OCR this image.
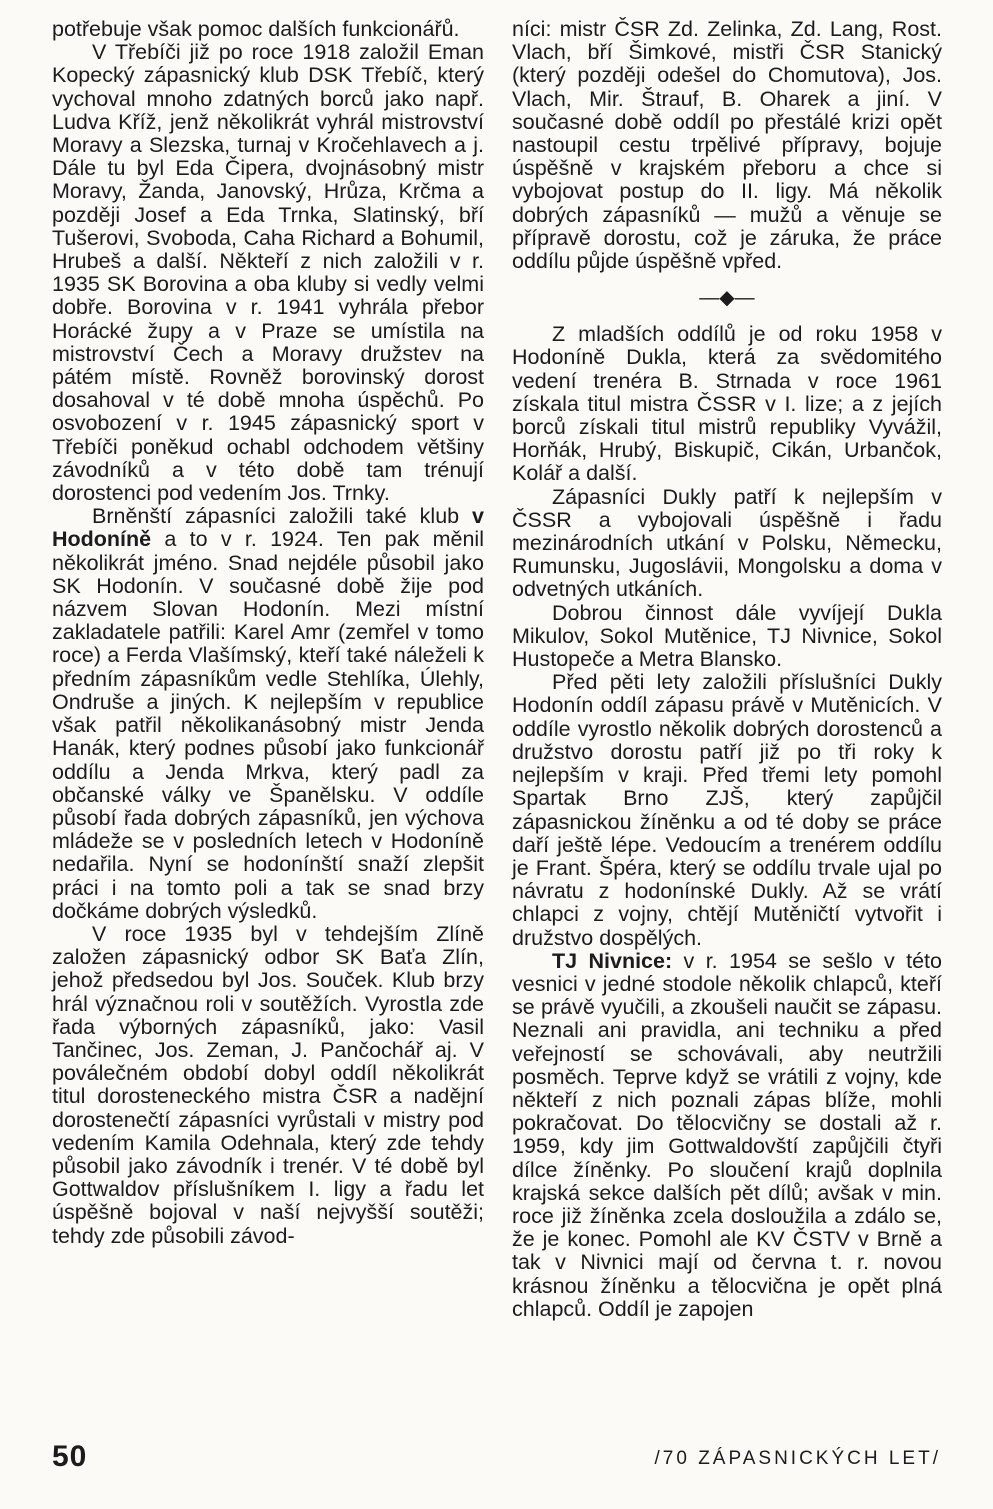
potřebuje však pomoc dalších funkcionářů.

V Třebíči již po roce 1918 založil Eman Kopecký zápasnický klub DSK Třebíč, který vychoval mnoho zdatných borců jako např. Ludva Kříž, jenž několikrát vyhrál mistrovství Moravy a Slezska, turnaj v Kročehlavech a j. Dále tu byl Eda Čipera, dvojnásobný mistr Moravy, Žanda, Janovský, Hrůza, Krčma a později Josef a Eda Trnka, Slatinský, bří Tušerovi, Svoboda, Caha Richard a Bohumil, Hrubeš a další. Někteří z nich založili v r. 1935 SK Borovina a oba kluby si vedly velmi dobře. Borovina v r. 1941 vyhrála přebor Horácké župy a v Praze se umístila na mistrovství Čech a Moravy družstev na pátém místě. Rovněž borovinský dorost dosahoval v té době mnoha úspěchů. Po osvobození v r. 1945 zápasnický sport v Třebíči poněkud ochabl odchodem většiny závodníků a v této době tam trénují dorostenci pod vedením Jos. Trnky.

Brněnští zápasníci založili také klub v Hodoníně a to v r. 1924. Ten pak měnil několikrát jméno. Snad nejdéle působil jako SK Hodonín. V současné době žije pod názvem Slovan Hodonín. Mezi místní zakladatele patřili: Karel Amr (zemřel v tomo roce) a Ferda Vlašímský, kteří také náleželi k předním zápasníkům vedle Stehlíka, Úlehly, Ondruše a jiných. K nejlepším v republice však patřil několikanásobný mistr Jenda Hanák, který podnes působí jako funkcionář oddílu a Jenda Mrkva, který padl za občanské války ve Španělsku. V oddíle působí řada dobrých zápasníků, jen výchova mládeže se v posledních letech v Hodoníně nedařila. Nyní se hodonínští snaží zlepšit práci i na tomto poli a tak se snad brzy dočkáme dobrých výsledků.

V roce 1935 byl v tehdejším Zlíně založen zápasnický odbor SK Baťa Zlín, jehož předsedou byl Jos. Souček. Klub brzy hrál význačnou roli v soutěžích. Vyrostla zde řada výborných zápasníků, jako: Vasil Tančinec, Jos. Zeman, J. Pančochář aj. V poválečném období dobyl oddíl několikrát titul dorosteneckého mistra ČSR a nadějní dorostenečtí zápasníci vyrůstali v mistry pod vedením Kamila Odehnala, který zde tehdy působil jako závodník i trenér. V té době byl Gottwaldov příslušníkem I. ligy a řadu let úspěšně bojoval v naší nejvyšší soutěži; tehdy zde působili závod-

níci: mistr ČSR Zd. Zelinka, Zd. Lang, Rost. Vlach, bří Šimkové, mistři ČSR Stanický (který později odešel do Chomutova), Jos. Vlach, Mir. Štrauf, B. Oharek a jiní. V současné době oddíl po přestálé krizi opět nastoupil cestu trpělivé přípravy, bojuje úspěšně v krajském přeboru a chce si vybojovat postup do II. ligy. Má několik dobrých zápasníků — mužů a věnuje se přípravě dorostu, což je záruka, že práce oddílu půjde úspěšně vpřed.

—◆—

Z mladších oddílů je od roku 1958 v Hodoníně Dukla, která za svědomitého vedení trenéra B. Strnada v roce 1961 získala titul mistra ČSSR v I. lize; a z jejích borců získali titul mistrů republiky Vyvážil, Horňák, Hrubý, Biskupič, Cikán, Urbančok, Kolář a další.

Zápasníci Dukly patří k nejlepším v ČSSR a vybojovali úspěšně i řadu mezinárodních utkání v Polsku, Německu, Rumunsku, Jugoslávii, Mongolsku a doma v odvetných utkáních.

Dobrou činnost dále vyvíjejí Dukla Mikulov, Sokol Mutěnice, TJ Nivnice, Sokol Hustopeče a Metra Blansko.

Před pěti lety založili příslušníci Dukly Hodonín oddíl zápasu právě v Mutěnicích. V oddíle vyrostlo několik dobrých dorostenců a družstvo dorostu patří již po tři roky k nejlepším v kraji. Před třemi lety pomohl Spartak Brno ZJŠ, který zapůjčil zápasnickou žíněnku a od té doby se práce daří ještě lépe. Vedoucím a trenérem oddílu je Frant. Špéra, který se oddílu trvale ujal po návratu z hodonínské Dukly. Až se vrátí chlapci z vojny, chtějí Mutěničtí vytvořit i družstvo dospělých.

TJ Nivnice: v r. 1954 se sešlo v této vesnici v jedné stodole několik chlapců, kteří se právě vyučili, a zkoušeli naučit se zápasu. Neznali ani pravidla, ani techniku a před veřejností se schovávali, aby neutržili posměch. Teprve když se vrátili z vojny, kde někteří z nich poznali zápas blíže, mohli pokračovat. Do tělocvičny se dostali až r. 1959, kdy jim Gottwaldovští zapůjčili čtyři dílce žíněnky. Po sloučení krajů doplnila krajská sekce dalších pět dílů; avšak v min. roce již žíněnka zcela dosloužila a zdálo se, že je konec. Pomohl ale KV ČSTV v Brně a tak v Nivnici mají od června t. r. novou krásnou žíněnku a tělocvična je opět plná chlapců. Oddíl je zapojen

50	/70 ZÁPASNICKÝCH LET/
